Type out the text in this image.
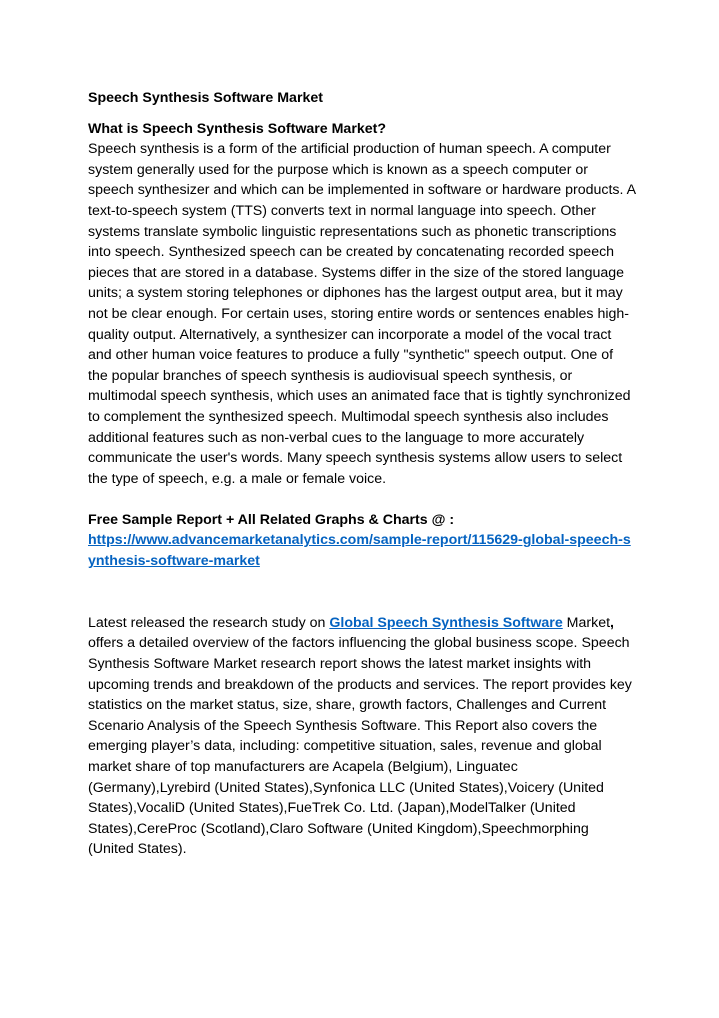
Speech Synthesis Software Market

What is Speech Synthesis Software Market?

Speech synthesis is a form of the artificial production of human speech. A computer system generally used for the purpose which is known as a speech computer or speech synthesizer and which can be implemented in software or hardware products. A text-to-speech system (TTS) converts text in normal language into speech. Other systems translate symbolic linguistic representations such as phonetic transcriptions into speech. Synthesized speech can be created by concatenating recorded speech pieces that are stored in a database. Systems differ in the size of the stored language units; a system storing telephones or diphones has the largest output area, but it may not be clear enough. For certain uses, storing entire words or sentences enables high-quality output. Alternatively, a synthesizer can incorporate a model of the vocal tract and other human voice features to produce a fully "synthetic" speech output. One of the popular branches of speech synthesis is audiovisual speech synthesis, or multimodal speech synthesis, which uses an animated face that is tightly synchronized to complement the synthesized speech. Multimodal speech synthesis also includes additional features such as non-verbal cues to the language to more accurately communicate the user's words. Many speech synthesis systems allow users to select the type of speech, e.g. a male or female voice.

Free Sample Report + All Related Graphs & Charts @ :

https://www.advancemarketanalytics.com/sample-report/115629-global-speech-synthesis-software-market

Latest released the research study on Global Speech Synthesis Software Market, offers a detailed overview of the factors influencing the global business scope. Speech Synthesis Software Market research report shows the latest market insights with upcoming trends and breakdown of the products and services. The report provides key statistics on the market status, size, share, growth factors, Challenges and Current Scenario Analysis of the Speech Synthesis Software. This Report also covers the emerging player’s data, including: competitive situation, sales, revenue and global market share of top manufacturers are Acapela (Belgium), Linguatec (Germany),Lyrebird (United States),Synfonica LLC (United States),Voicery (United States),VocaliD (United States),FueTrek Co. Ltd. (Japan),ModelTalker (United States),CereProc (Scotland),Claro Software (United Kingdom),Speechmorphing (United States).
